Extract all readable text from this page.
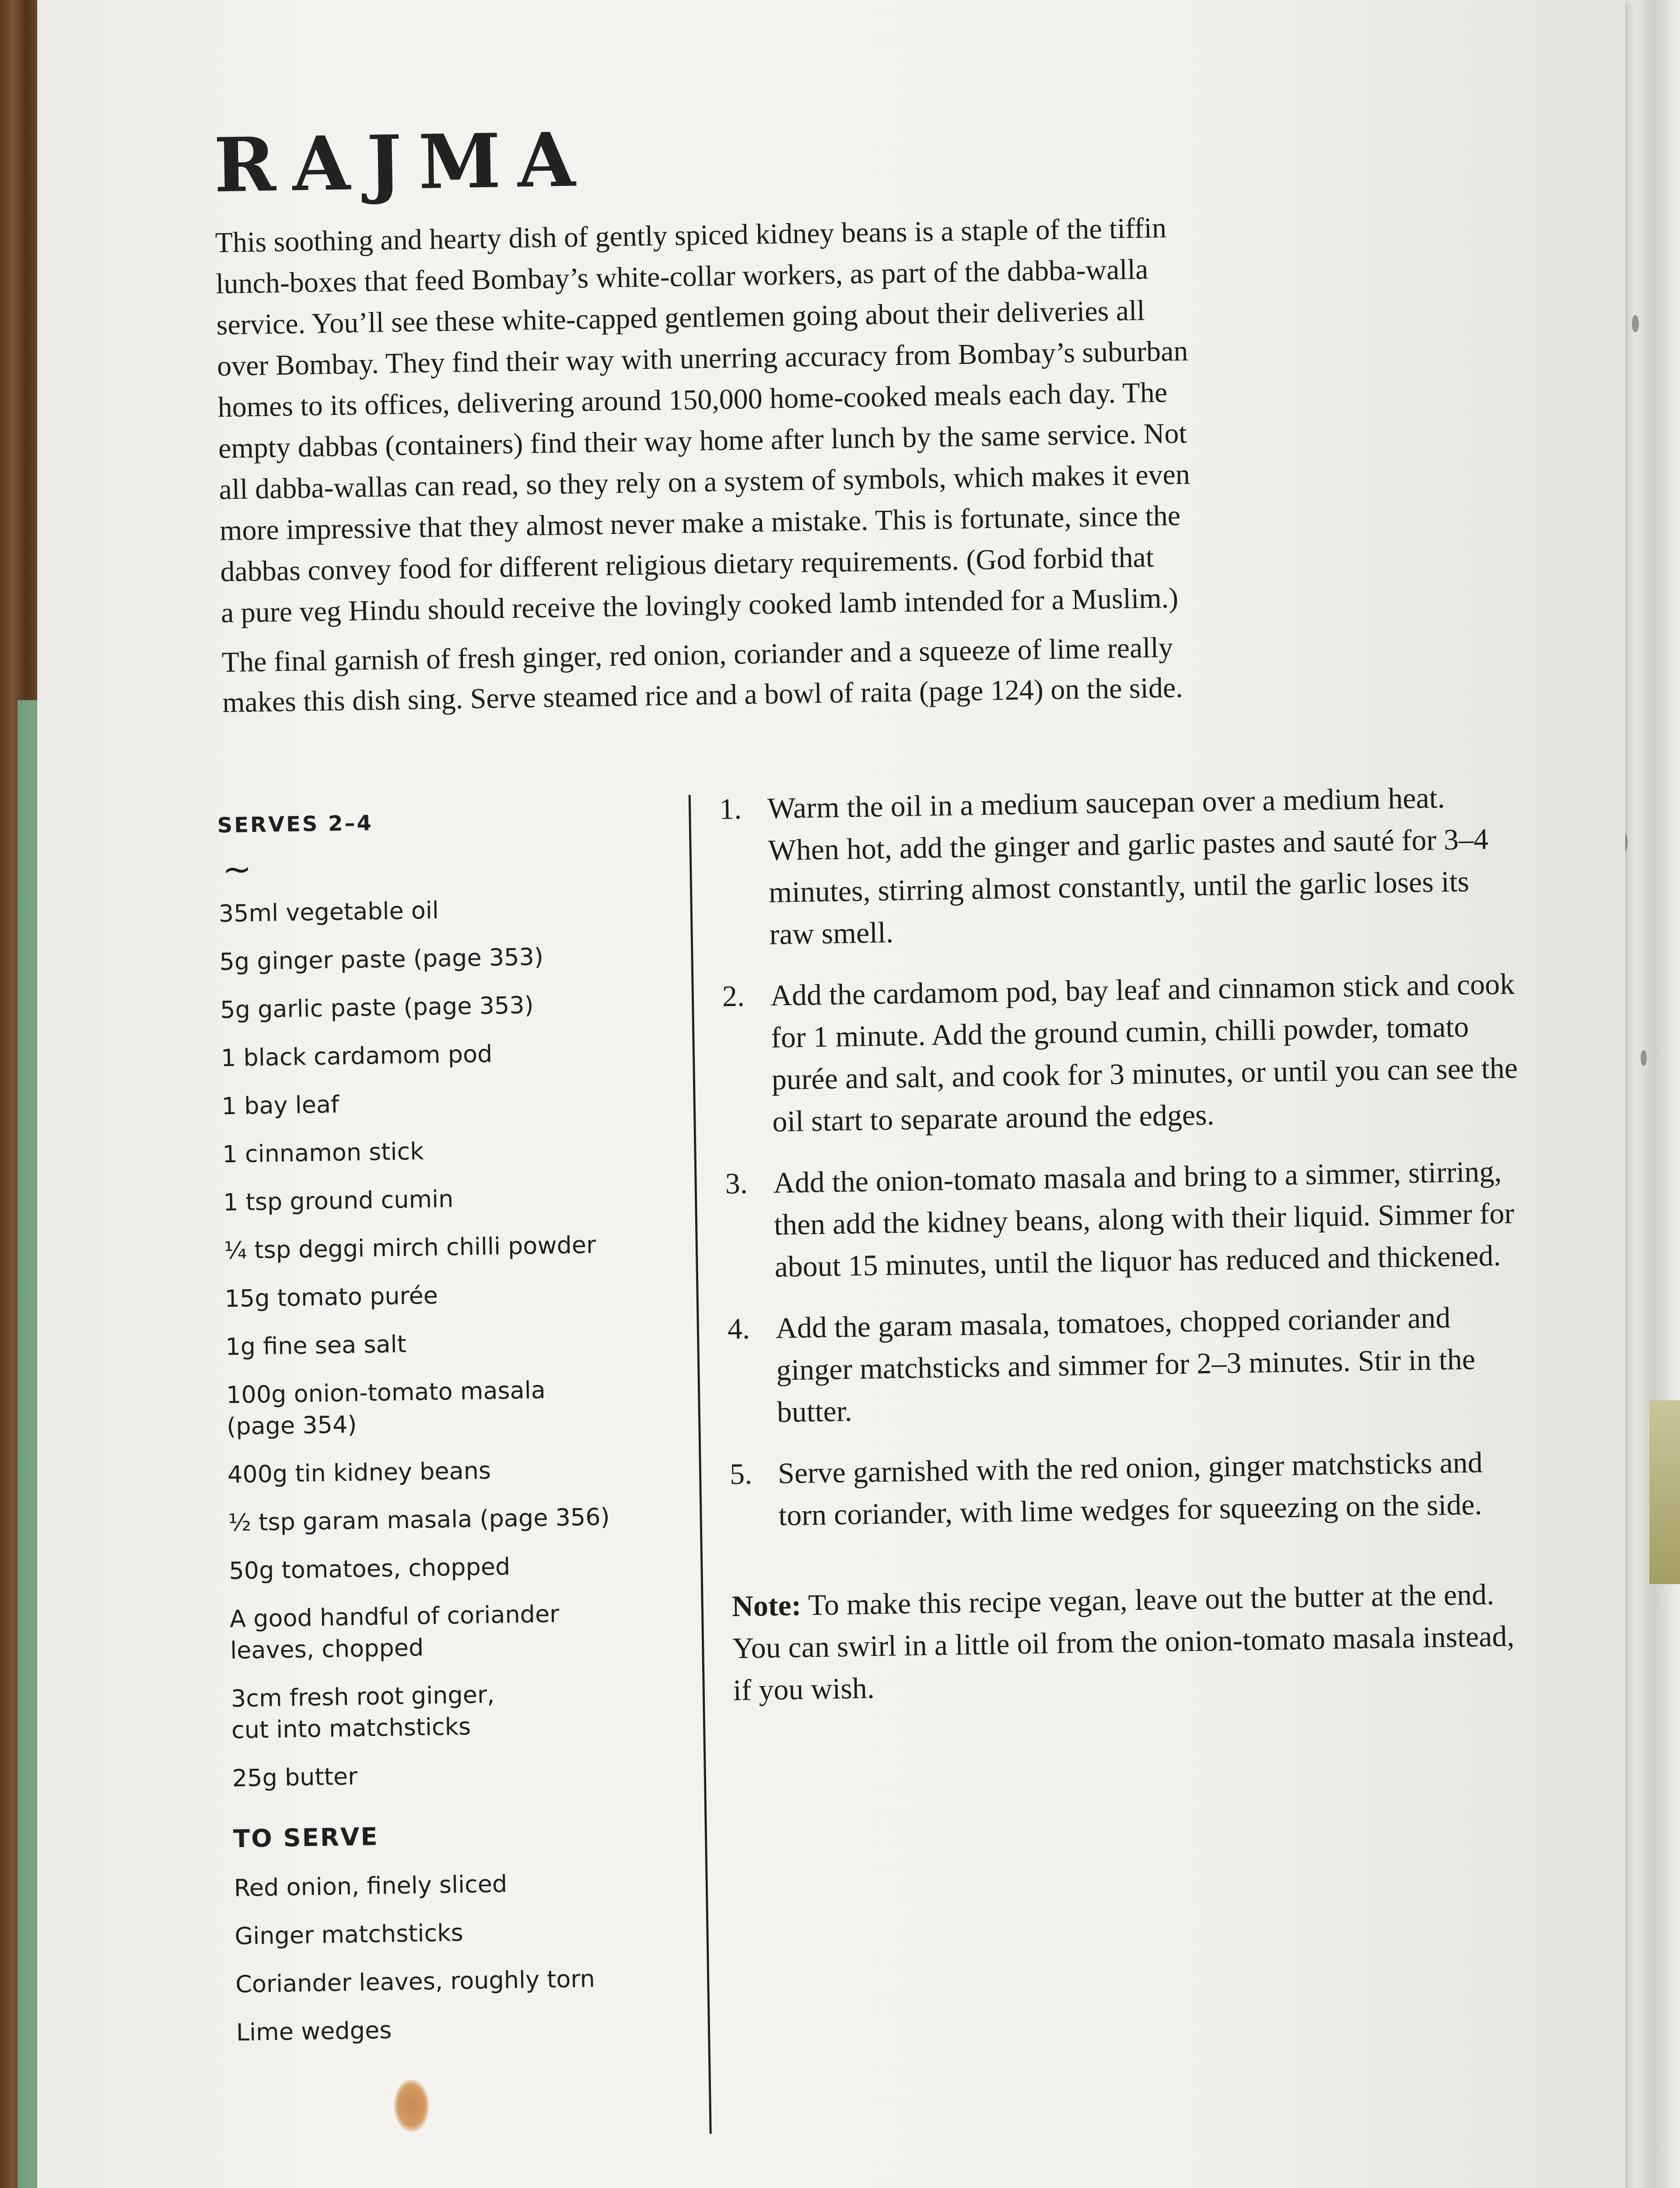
RAJMA

This soothing and hearty dish of gently spiced kidney beans is a staple of the tiffin
lunch-boxes that feed Bombay’s white-collar workers, as part of the dabba-walla
service. You’ll see these white-capped gentlemen going about their deliveries all
over Bombay. They find their way with unerring accuracy from Bombay’s suburban
homes to its offices, delivering around 150,000 home-cooked meals each day. The
empty dabbas (containers) find their way home after lunch by the same service. Not
all dabba-wallas can read, so they rely on a system of symbols, which makes it even
more impressive that they almost never make a mistake. This is fortunate, since the
dabbas convey food for different religious dietary requirements. (God forbid that
a pure veg Hindu should receive the lovingly cooked lamb intended for a Muslim.)

The final garnish of fresh ginger, red onion, coriander and a squeeze of lime really
makes this dish sing. Serve steamed rice and a bowl of raita (page 124) on the side.

SERVES 2–4

~

35ml vegetable oil

5g ginger paste (page 353)

5g garlic paste (page 353)

1 black cardamom pod

1 bay leaf

1 cinnamon stick

1 tsp ground cumin

¼ tsp deggi mirch chilli powder

15g tomato purée

1g fine sea salt

100g onion-tomato masala
(page 354)

400g tin kidney beans

½ tsp garam masala (page 356)

50g tomatoes, chopped

A good handful of coriander
leaves, chopped

3cm fresh root ginger,
cut into matchsticks

25g butter

TO SERVE

Red onion, finely sliced

Ginger matchsticks

Coriander leaves, roughly torn

Lime wedges

1. Warm the oil in a medium saucepan over a medium heat. When hot, add the ginger and garlic pastes and sauté for 3–4 minutes, stirring almost constantly, until the garlic loses its raw smell.
2. Add the cardamom pod, bay leaf and cinnamon stick and cook for 1 minute. Add the ground cumin, chilli powder, tomato purée and salt, and cook for 3 minutes, or until you can see the oil start to separate around the edges.
3. Add the onion-tomato masala and bring to a simmer, stirring, then add the kidney beans, along with their liquid. Simmer for about 15 minutes, until the liquor has reduced and thickened.
4. Add the garam masala, tomatoes, chopped coriander and ginger matchsticks and simmer for 2–3 minutes. Stir in the butter.
5. Serve garnished with the red onion, ginger matchsticks and torn coriander, with lime wedges for squeezing on the side.

Note: To make this recipe vegan, leave out the butter at the end. You can swirl in a little oil from the onion-tomato masala instead, if you wish.
